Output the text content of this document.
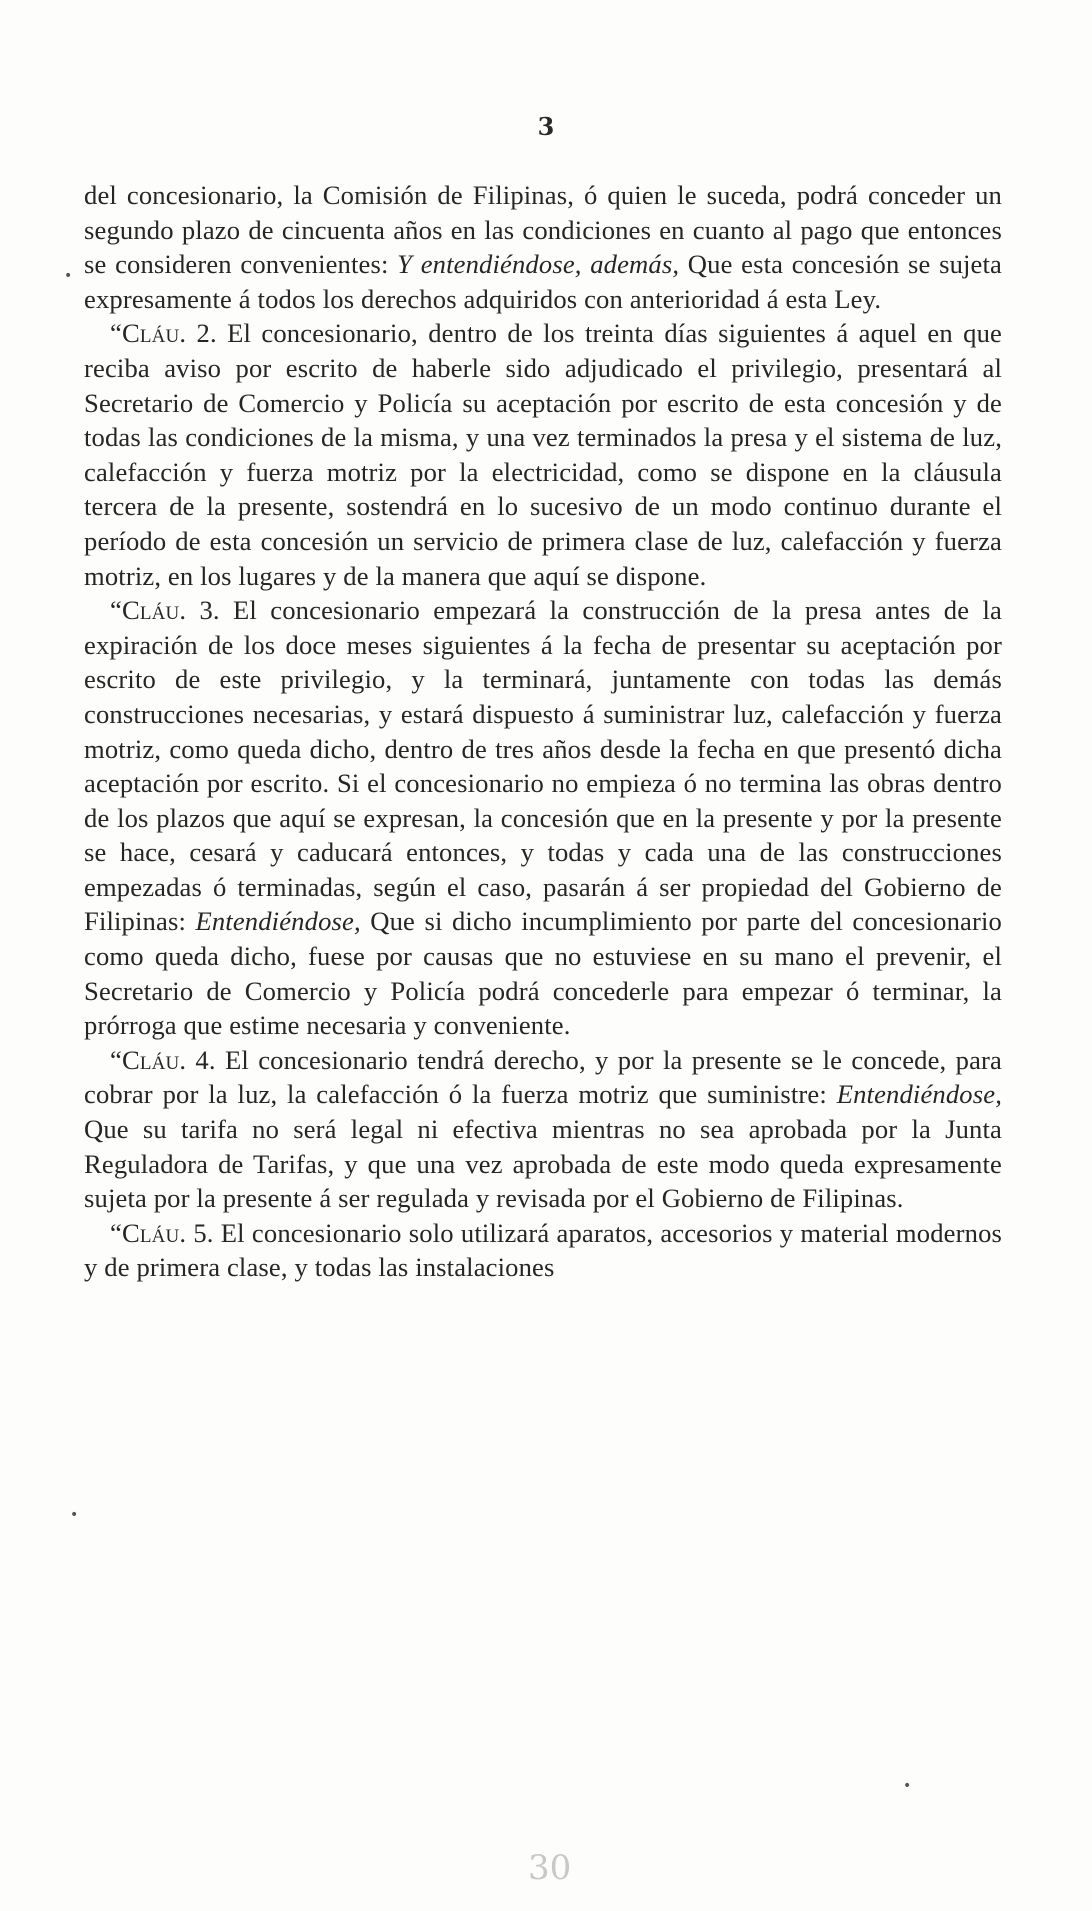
3
•
•
•

del concesionario, la Comisión de Filipinas, ó quien le suceda, podrá conceder un segundo plazo de cincuenta años en las condiciones en cuanto al pago que entonces se consideren convenientes: Y entendiéndose, además, Que esta concesión se sujeta expresamente á todos los derechos adquiridos con anterioridad á esta Ley.

“Cláu. 2. El concesionario, dentro de los treinta días siguientes á aquel en que reciba aviso por escrito de haberle sido adjudicado el privilegio, presentará al Secretario de Comercio y Policía su aceptación por escrito de esta concesión y de todas las condiciones de la misma, y una vez terminados la presa y el sistema de luz, calefacción y fuerza motriz por la electricidad, como se dispone en la cláusula tercera de la presente, sostendrá en lo sucesivo de un modo continuo durante el período de esta concesión un servicio de primera clase de luz, calefacción y fuerza motriz, en los lugares y de la manera que aquí se dispone.

“Cláu. 3. El concesionario empezará la construcción de la presa antes de la expiración de los doce meses siguientes á la fecha de presentar su aceptación por escrito de este privilegio, y la terminará, juntamente con todas las demás construcciones necesarias, y estará dispuesto á suministrar luz, calefacción y fuerza motriz, como queda dicho, dentro de tres años desde la fecha en que presentó dicha aceptación por escrito. Si el concesionario no empieza ó no termina las obras dentro de los plazos que aquí se expresan, la concesión que en la presente y por la presente se hace, cesará y caducará entonces, y todas y cada una de las construcciones empezadas ó terminadas, según el caso, pasarán á ser propiedad del Gobierno de Filipinas: Entendiéndose, Que si dicho incumplimiento por parte del concesionario como queda dicho, fuese por causas que no estuviese en su mano el prevenir, el Secretario de Comercio y Policía podrá concederle para empezar ó terminar, la prórroga que estime necesaria y conveniente.

“Cláu. 4. El concesionario tendrá derecho, y por la presente se le concede, para cobrar por la luz, la calefacción ó la fuerza motriz que suministre: Entendiéndose, Que su tarifa no será legal ni efectiva mientras no sea aprobada por la Junta Reguladora de Tarifas, y que una vez aprobada de este modo queda expresamente sujeta por la presente á ser regulada y revisada por el Gobierno de Filipinas.

“Cláu. 5. El concesionario solo utilizará aparatos, accesorios y material modernos y de primera clase, y todas las instalaciones

30
